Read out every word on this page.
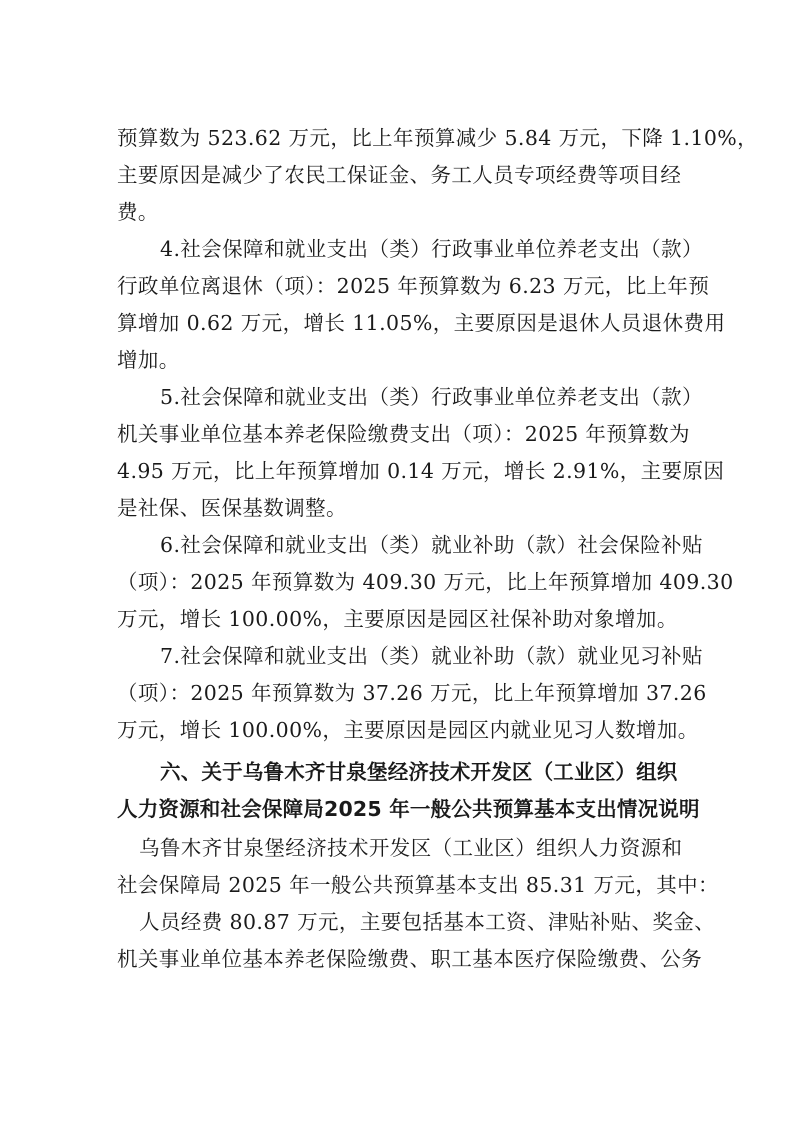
预算数为 523.62 万元，比上年预算减少 5.84 万元，下降 1.10%，
主要原因是减少了农民工保证金、务工人员专项经费等项目经
费。
4.社会保障和就业支出（类）行政事业单位养老支出（款）
行政单位离退休（项）：2025 年预算数为 6.23 万元，比上年预
算增加 0.62 万元，增长 11.05%，主要原因是退休人员退休费用
增加。
5.社会保障和就业支出（类）行政事业单位养老支出（款）
机关事业单位基本养老保险缴费支出（项）：2025 年预算数为
4.95 万元，比上年预算增加 0.14 万元，增长 2.91%，主要原因
是社保、医保基数调整。
6.社会保障和就业支出（类）就业补助（款）社会保险补贴
（项）：2025 年预算数为 409.30 万元，比上年预算增加 409.30
万元，增长 100.00%，主要原因是园区社保补助对象增加。
7.社会保障和就业支出（类）就业补助（款）就业见习补贴
（项）：2025 年预算数为 37.26 万元，比上年预算增加 37.26
万元，增长 100.00%，主要原因是园区内就业见习人数增加。
六、关于乌鲁木齐甘泉堡经济技术开发区（工业区）组织
人力资源和社会保障局2025 年一般公共预算基本支出情况说明
乌鲁木齐甘泉堡经济技术开发区（工业区）组织人力资源和
社会保障局 2025 年一般公共预算基本支出 85.31 万元，其中：
人员经费 80.87 万元，主要包括基本工资、津贴补贴、奖金、
机关事业单位基本养老保险缴费、职工基本医疗保险缴费、公务
